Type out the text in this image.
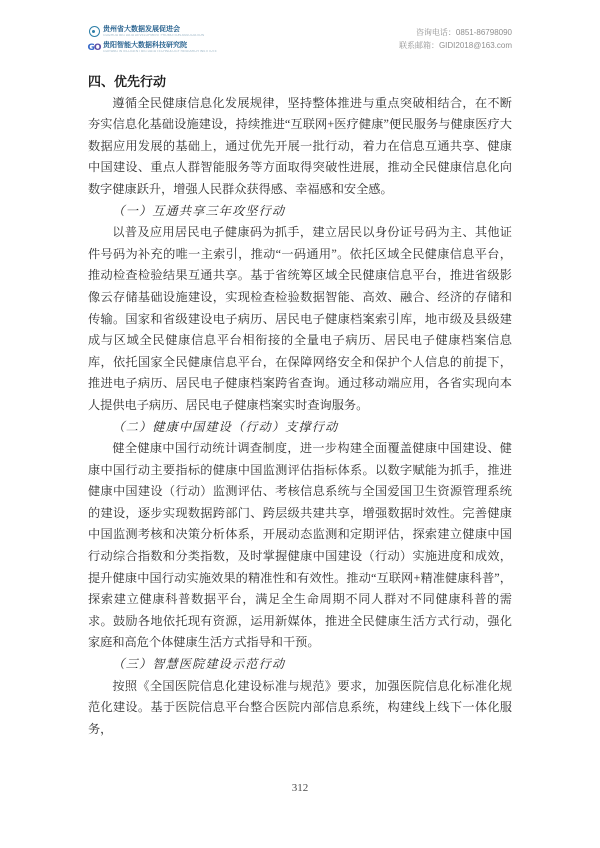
贵州省大数据发展促进会
GUIZHOU BIG DATA DEVELOPMENT PROMOTION ASSOCIATION
G O 贵阳智能大数据科技研究院
GUIYANG INTELLIGENT BIG DATA TECHNOLOGY RESEARCH INSTITUTE
咨询电话：0851-86798090
联系邮箱：GIDI2018@163.com
四、优先行动
遵循全民健康信息化发展规律，坚持整体推进与重点突破相结合，在不断夯实信息化基础设施建设，持续推进“互联网+医疗健康”便民服务与健康医疗大数据应用发展的基础上，通过优先开展一批行动，着力在信息互通共享、健康中国建设、重点人群智能服务等方面取得突破性进展，推动全民健康信息化向数字健康跃升，增强人民群众获得感、幸福感和安全感。
（一）互通共享三年攻坚行动
以普及应用居民电子健康码为抓手，建立居民以身份证号码为主、其他证件号码为补充的唯一主索引，推动“一码通用”。依托区域全民健康信息平台，推动检查检验结果互通共享。基于省统筹区域全民健康信息平台，推进省级影像云存储基础设施建设，实现检查检验数据智能、高效、融合、经济的存储和传输。国家和省级建设电子病历、居民电子健康档案索引库，地市级及县级建成与区域全民健康信息平台相衔接的全量电子病历、居民电子健康档案信息库，依托国家全民健康信息平台，在保障网络安全和保护个人信息的前提下，推进电子病历、居民电子健康档案跨省查询。通过移动端应用，各省实现向本人提供电子病历、居民电子健康档案实时查询服务。
（二）健康中国建设（行动）支撑行动
健全健康中国行动统计调查制度，进一步构建全面覆盖健康中国建设、健康中国行动主要指标的健康中国监测评估指标体系。以数字赋能为抓手，推进健康中国建设（行动）监测评估、考核信息系统与全国爱国卫生资源管理系统的建设，逐步实现数据跨部门、跨层级共建共享，增强数据时效性。完善健康中国监测考核和决策分析体系，开展动态监测和定期评估，探索建立健康中国行动综合指数和分类指数，及时掌握健康中国建设（行动）实施进度和成效，提升健康中国行动实施效果的精准性和有效性。推动“互联网+精准健康科普”，探索建立健康科普数据平台，满足全生命周期不同人群对不同健康科普的需求。鼓励各地依托现有资源，运用新媒体，推进全民健康生活方式行动，强化家庭和高危个体健康生活方式指导和干预。
（三）智慧医院建设示范行动
按照《全国医院信息化建设标准与规范》要求，加强医院信息化标准化规范化建设。基于医院信息平台整合医院内部信息系统，构建线上线下一体化服务，
312
